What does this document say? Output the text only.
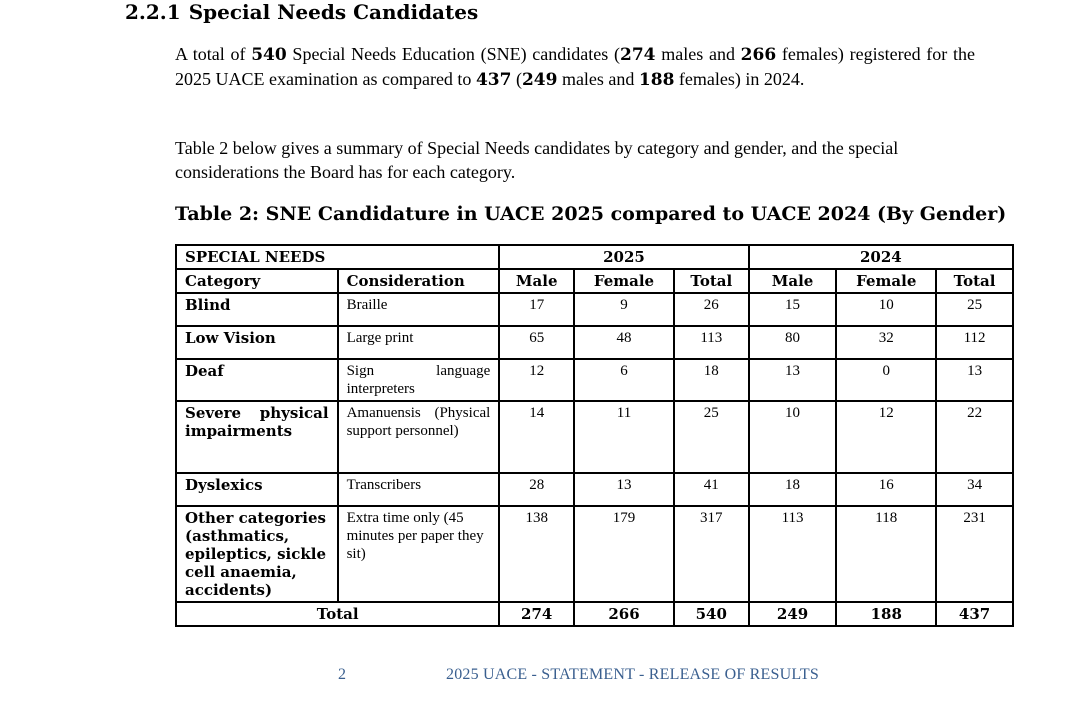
2.2.1 Special Needs Candidates
A total of 540 Special Needs Education (SNE) candidates (274 males and 266 females) registered for the 2025 UACE examination as compared to 437 (249 males and 188 females) in 2024.
Table 2 below gives a summary of Special Needs candidates by category and gender, and the special considerations the Board has for each category.
Table 2: SNE Candidature in UACE 2025 compared to UACE 2024 (By Gender)
SPECIAL NEEDS		2025			2024		
Category	Consideration	Male	Female	Total	Male	Female	Total
Blind	Braille	17	9	26	15	10	25
Low Vision	Large print	65	48	113	80	32	112
Deaf	Sign language interpreters	12	6	18	13	0	13
Severe physical impairments	Amanuensis (Physical support personnel)	14	11	25	10	12	22
Dyslexics	Transcribers	28	13	41	18	16	34
Other categories (asthmatics, epileptics, sickle cell anaemia, accidents)	Extra time only (45 minutes per paper they sit)	138	179	317	113	118	231
Total		274	266	540	249	188	437
2	2025 UACE - STATEMENT - RELEASE OF RESULTS
